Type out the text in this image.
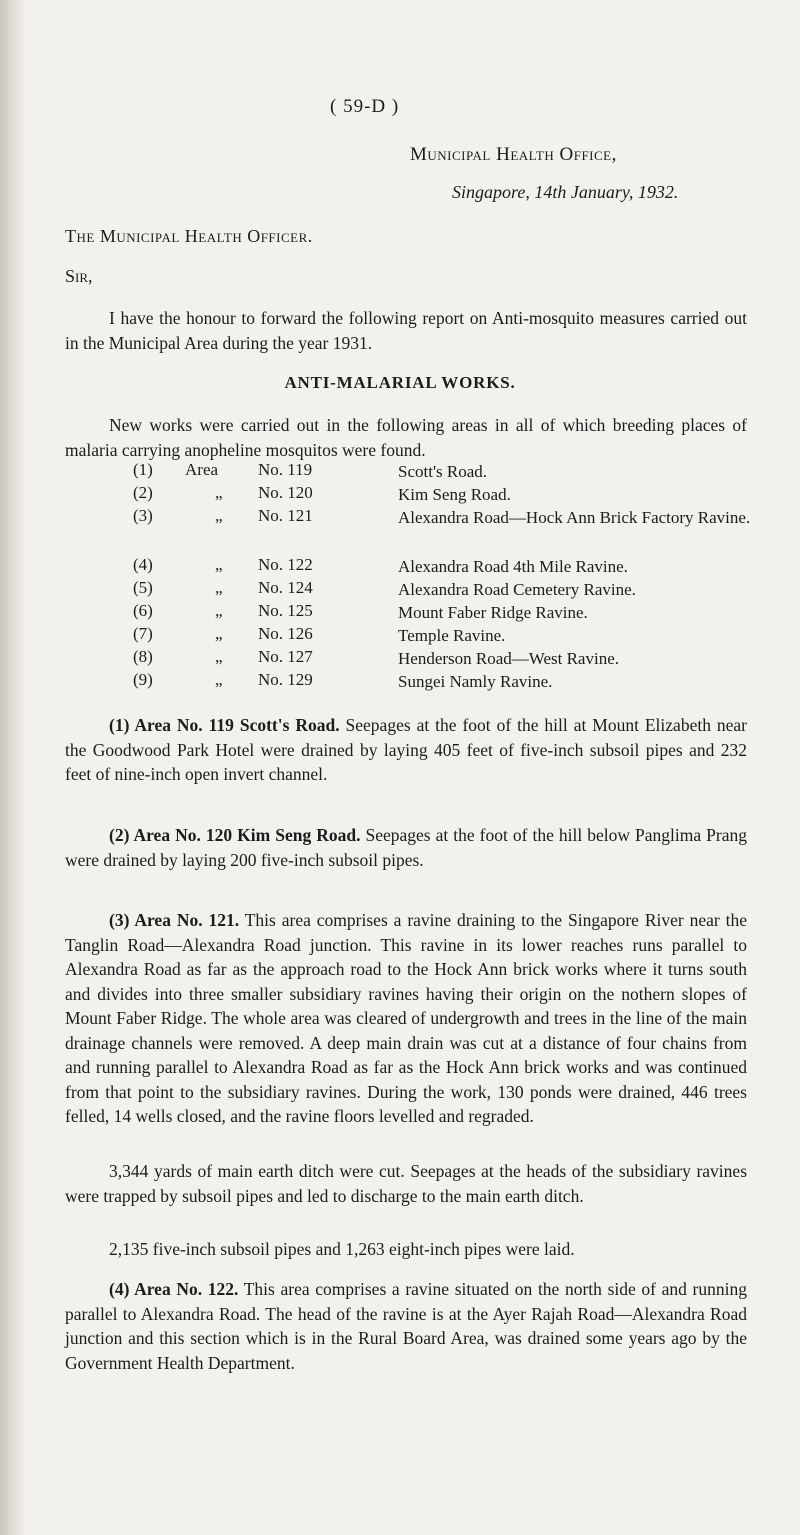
( 59-D )
Municipal Health Office,
Singapore, 14th January, 1932.
The Municipal Health Officer.
Sir,

I have the honour to forward the following report on Anti-mosquito measures carried out in the Municipal Area during the year 1931.

ANTI-MALARIAL WORKS.

New works were carried out in the following areas in all of which breeding places of malaria carrying anopheline mosquitos were found.

(1) Area	No. 119	Scott's Road.
(2)	„	No. 120	Kim Seng Road.
(3)	„	No. 121	Alexandra Road—Hock Ann Brick Factory Ravine.
(4)	„	No. 122	Alexandra Road 4th Mile Ravine.
(5)	„	No. 124	Alexandra Road Cemetery Ravine.
(6)	„	No. 125	Mount Faber Ridge Ravine.
(7)	„	No. 126	Temple Ravine.
(8)	„	No. 127	Henderson Road—West Ravine.
(9)	„	No. 129	Sungei Namly Ravine.

(1) Area No. 119 Scott's Road. Seepages at the foot of the hill at Mount Elizabeth near the Goodwood Park Hotel were drained by laying 405 feet of five-inch subsoil pipes and 232 feet of nine-inch open invert channel.

(2) Area No. 120 Kim Seng Road. Seepages at the foot of the hill below Panglima Prang were drained by laying 200 five-inch subsoil pipes.

(3) Area No. 121. This area comprises a ravine draining to the Singapore River near the Tanglin Road—Alexandra Road junction. This ravine in its lower reaches runs parallel to Alexandra Road as far as the approach road to the Hock Ann brick works where it turns south and divides into three smaller subsidiary ravines having their origin on the nothern slopes of Mount Faber Ridge. The whole area was cleared of undergrowth and trees in the line of the main drainage channels were removed. A deep main drain was cut at a distance of four chains from and running parallel to Alexandra Road as far as the Hock Ann brick works and was continued from that point to the subsidiary ravines. During the work, 130 ponds were drained, 446 trees felled, 14 wells closed, and the ravine floors levelled and regraded.

3,344 yards of main earth ditch were cut. Seepages at the heads of the subsidiary ravines were trapped by subsoil pipes and led to discharge to the main earth ditch.

2,135 five-inch subsoil pipes and 1,263 eight-inch pipes were laid.

(4) Area No. 122. This area comprises a ravine situated on the north side of and running parallel to Alexandra Road. The head of the ravine is at the Ayer Rajah Road—Alexandra Road junction and this section which is in the Rural Board Area, was drained some years ago by the Government Health Department.
